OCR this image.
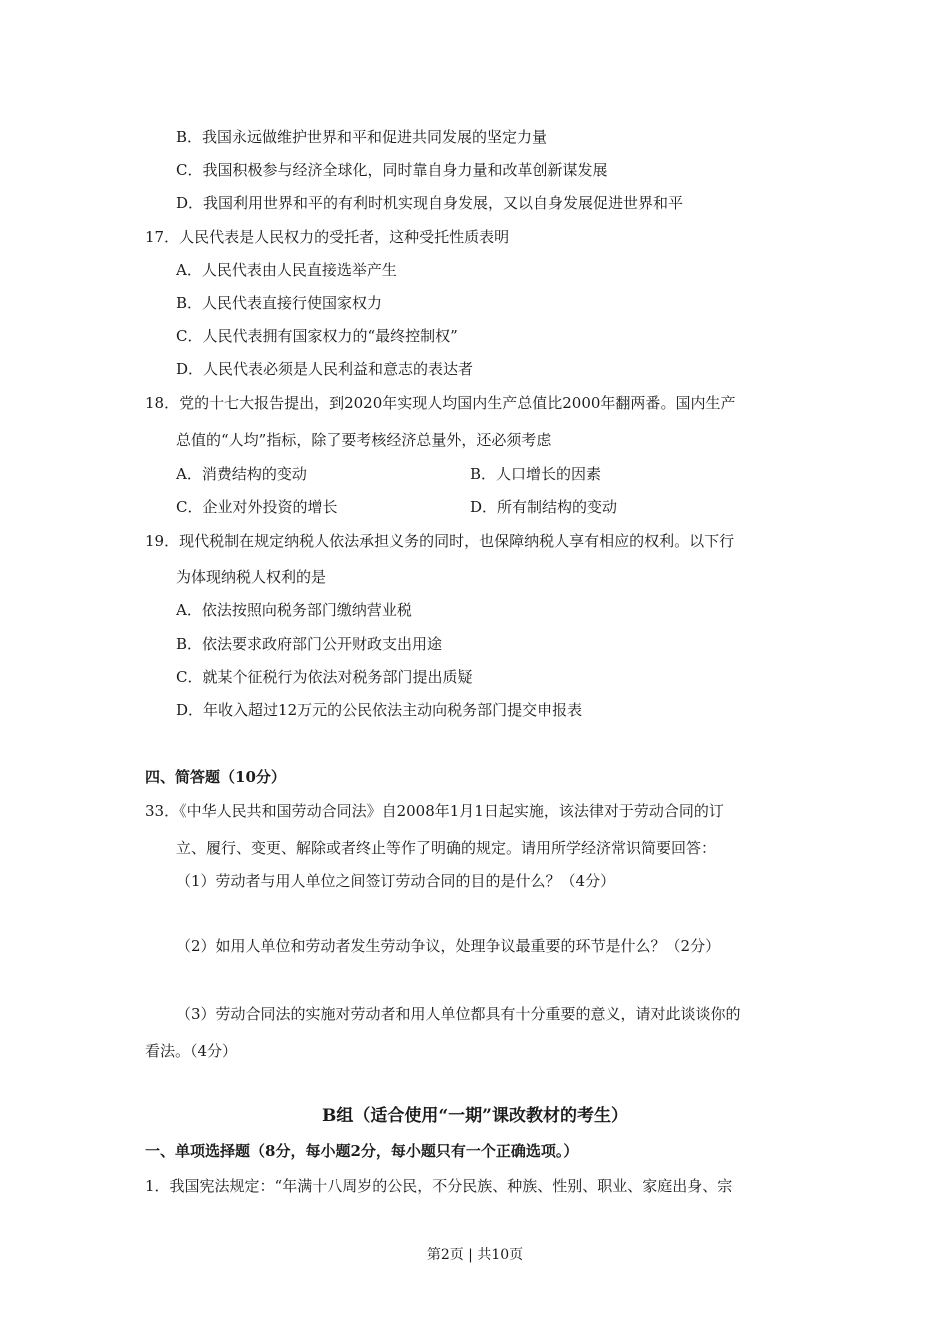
B．我国永远做维护世界和平和促进共同发展的坚定力量
C．我国积极参与经济全球化，同时靠自身力量和改革创新谋发展
D．我国利用世界和平的有利时机实现自身发展，又以自身发展促进世界和平
17．人民代表是人民权力的受托者，这种受托性质表明
A．人民代表由人民直接选举产生
B．人民代表直接行使国家权力
C．人民代表拥有国家权力的“最终控制权”
D．人民代表必须是人民利益和意志的表达者
18．党的十七大报告提出，到2020年实现人均国内生产总值比2000年翻两番。国内生产
总值的“人均”指标，除了要考核经济总量外，还必须考虑
A．消费结构的变动	B．人口增长的因素
C．企业对外投资的增长	D．所有制结构的变动
19．现代税制在规定纳税人依法承担义务的同时，也保障纳税人享有相应的权利。以下行
为体现纳税人权利的是
A．依法按照向税务部门缴纳营业税
B．依法要求政府部门公开财政支出用途
C．就某个征税行为依法对税务部门提出质疑
D．年收入超过12万元的公民依法主动向税务部门提交申报表
四、简答题（10分）
33．《中华人民共和国劳动合同法》自2008年1月1日起实施，该法律对于劳动合同的订
立、履行、变更、解除或者终止等作了明确的规定。请用所学经济常识简要回答：
（1）劳动者与用人单位之间签订劳动合同的目的是什么？（4分）
（2）如用人单位和劳动者发生劳动争议，处理争议最重要的环节是什么？（2分）
（3）劳动合同法的实施对劳动者和用人单位都具有十分重要的意义，请对此谈谈你的
看法。（4分）
B组（适合使用“一期”课改教材的考生）
一、单项选择题（8分，每小题2分，每小题只有一个正确选项。）
1．我国宪法规定：“年满十八周岁的公民，不分民族、种族、性别、职业、家庭出身、宗
第2页 | 共10页
